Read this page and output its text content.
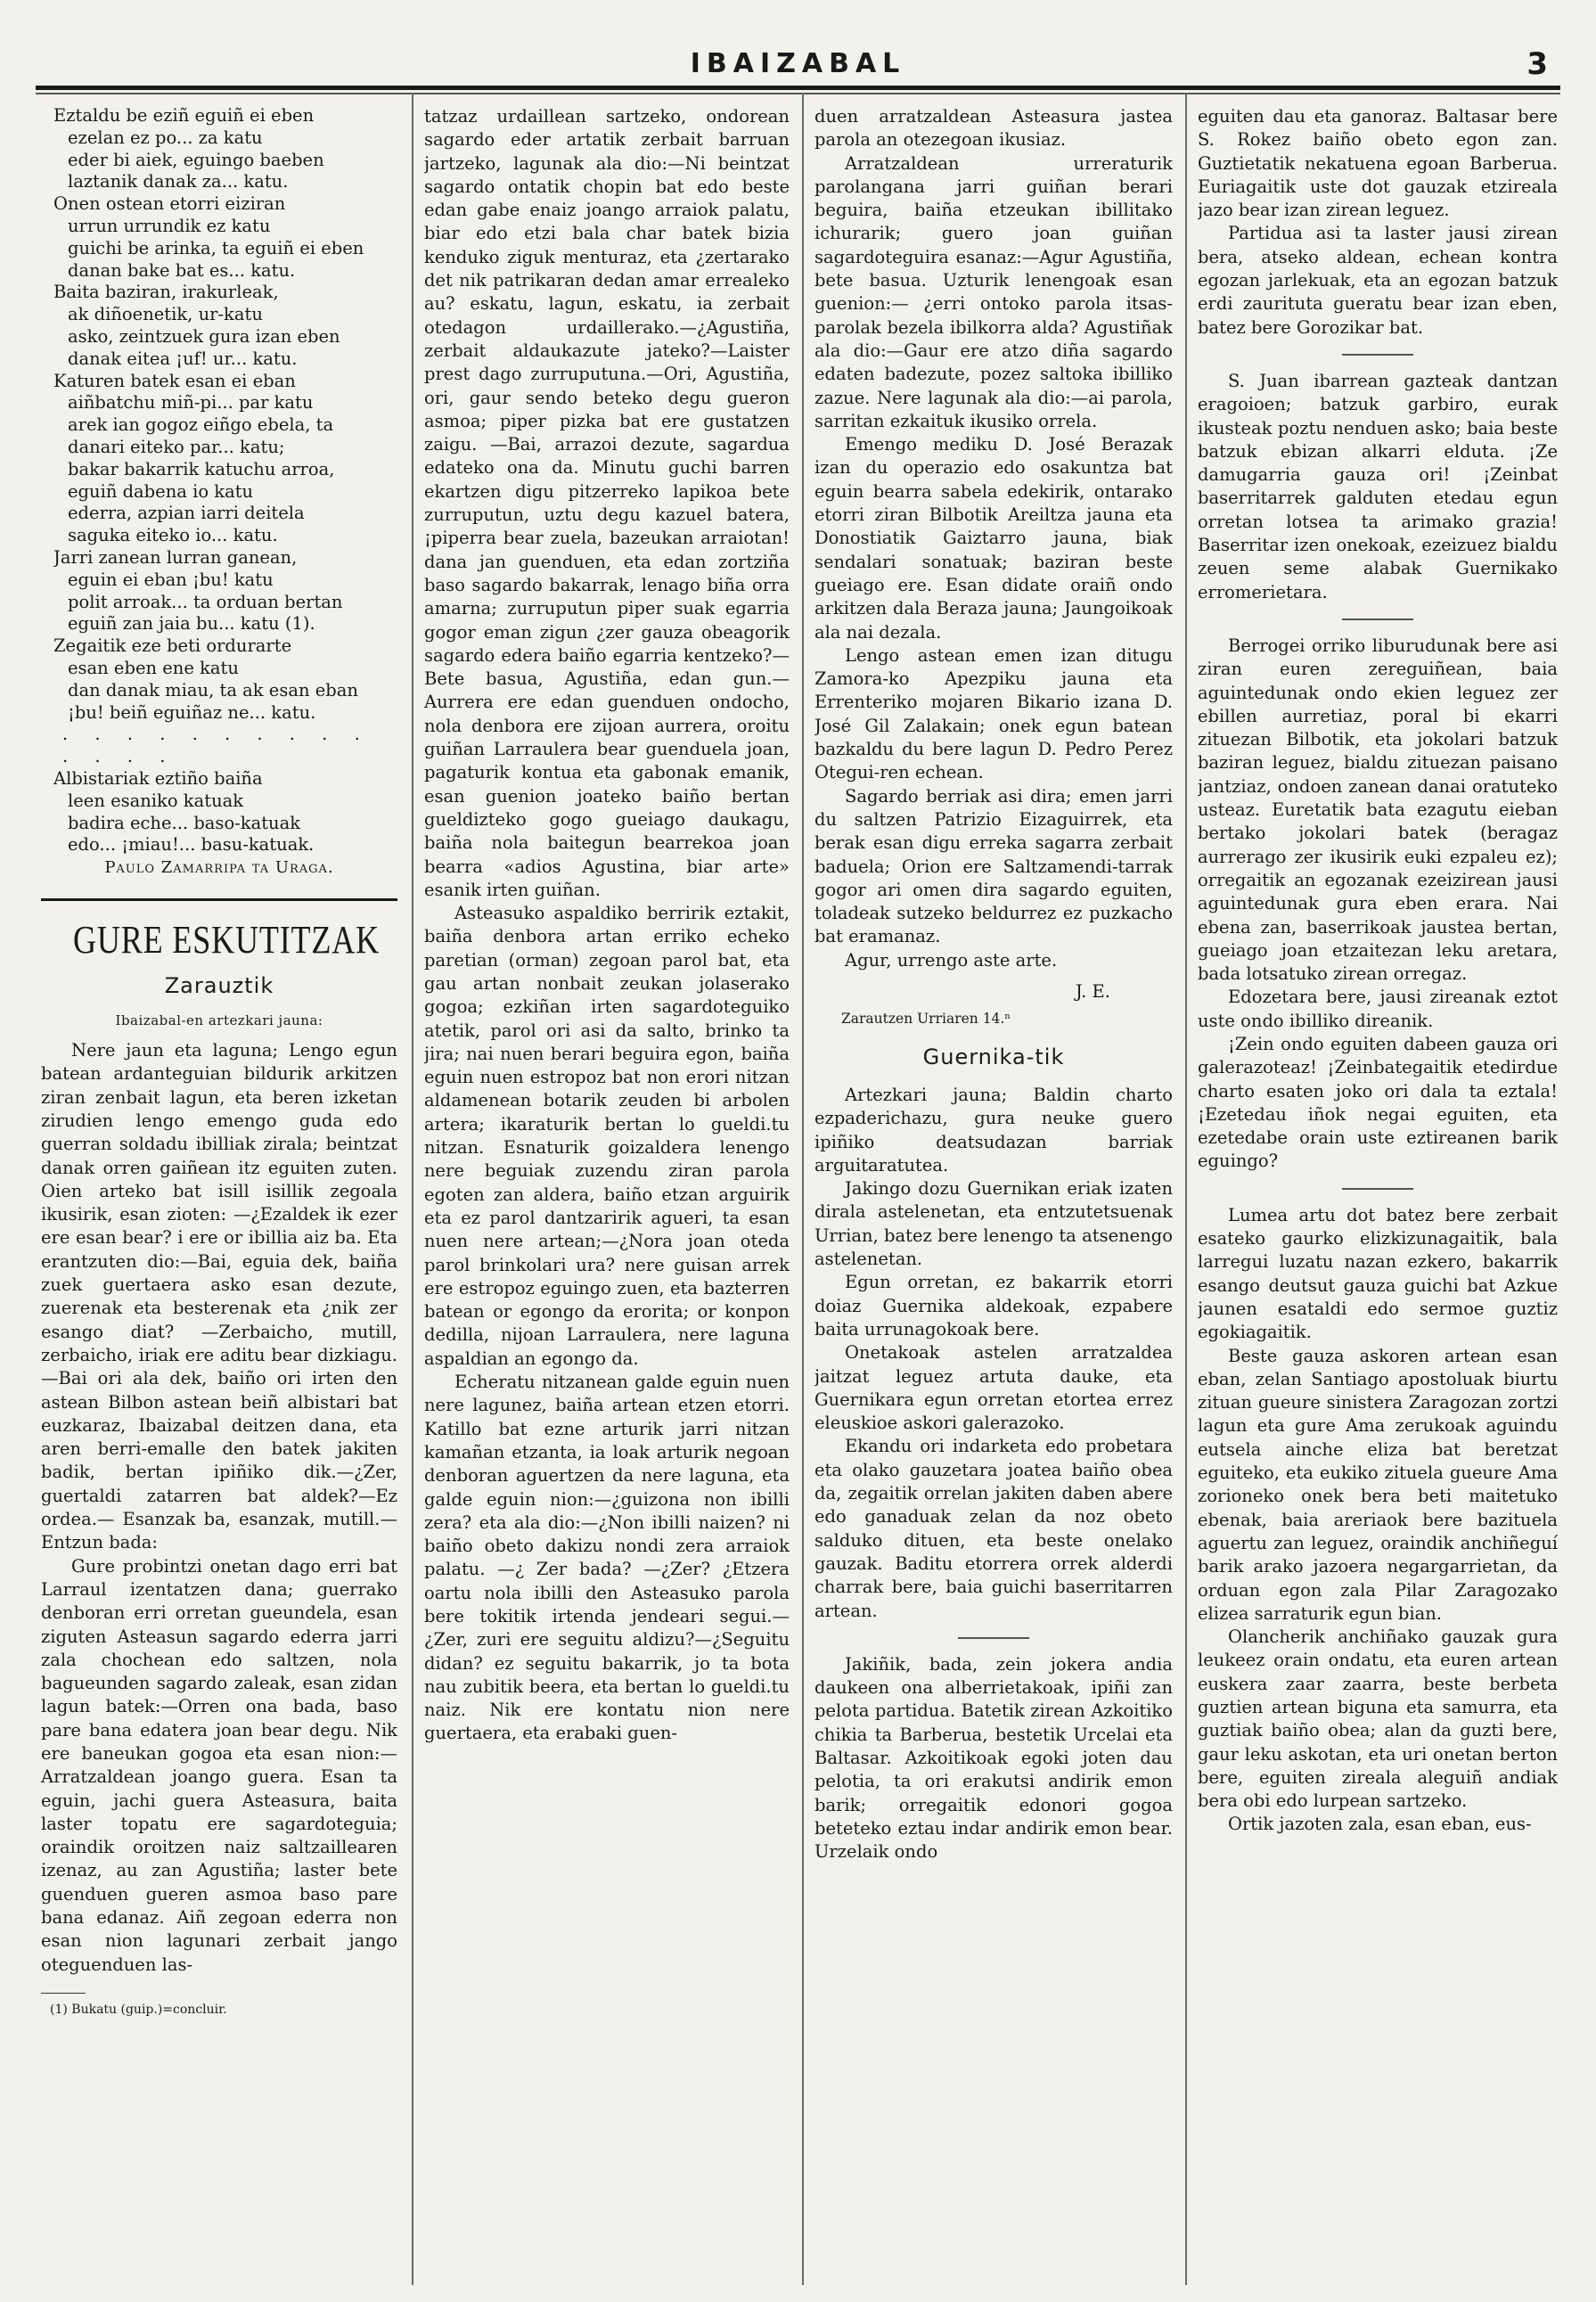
IBAIZABAL	3
Eztaldu be eziñ eguiñ ei eben
ezelan ez po... za katu
eder bi aiek, eguingo baeben
laztanik danak za... katu.
Onen ostean etorri eiziran
urrun urrundik ez katu
guichi be arinka, ta eguiñ ei eben
danan bake bat es... katu.
Baita baziran, irakurleak,
ak diñoenetik, ur-katu
asko, zeintzuek gura izan eben
danak eitea ¡uf! ur... katu.
Katuren batek esan ei eban
aiñbatchu miñ-pi... par katu
arek ian gogoz eiñgo ebela, ta
danari eiteko par... katu;
bakar bakarrik katuchu arroa,
eguiñ dabena io katu
ederra, azpian iarri deitela
saguka eiteko io... katu.
Jarri zanean lurran ganean,
eguin ei eban ¡bu! katu
polit arroak... ta orduan bertan
eguiñ zan jaia bu... katu (1).
Zegaitik eze beti ordurarte
esan eben ene katu
dan danak miau, ta ak esan eban
¡bu! beiñ eguiñaz ne... katu.
. . . . . . . . . . . . . .
Albistariak eztiño baiña
leen esaniko katuak
badira eche... baso-katuak
edo... ¡miau!... basu-katuak.
Paulo Zamarripa ta Uraga.
GURE ESKUTITZAK
Zarauztik
Ibaizabal-en artezkari jauna:

Nere jaun eta laguna; Lengo egun batean ardanteguian bildurik arkitzen ziran zenbait lagun, eta beren izketan zirudien lengo emengo guda edo guerran soldadu ibilliak zirala; beintzat danak orren gaiñean itz eguiten zuten. Oien arteko bat isill isillik zegoala ikusirik, esan zioten: —¿Ezaldek ik ezer ere esan bear? i ere or ibillia aiz ba. Eta erantzuten dio:—Bai, eguia dek, baiña zuek guertaera asko esan dezute, zuerenak eta besterenak eta ¿nik zer esango diat? —Zerbaicho, mutill, zerbaicho, iriak ere aditu bear dizkiagu.—Bai ori ala dek, baiño ori irten den astean Bilbon astean beiñ albistari bat euzkaraz, Ibaizabal deitzen dana, eta aren berri-emalle den batek jakiten badik, bertan ipiñiko dik.—¿Zer, guertaldi zatarren bat aldek?—Ez ordea.— Esanzak ba, esanzak, mutill.—Entzun bada:

Gure probintzi onetan dago erri bat Larraul izentatzen dana; guerrako denboran erri orretan gueundela, esan ziguten Asteasun sagardo ederra jarri zala chochean edo saltzen, nola bagueunden sagardo zaleak, esan zidan lagun batek:—Orren ona bada, baso pare bana edatera joan bear degu. Nik ere baneukan gogoa eta esan nion:—Arratzaldean joango guera. Esan ta eguin, jachi guera Asteasura, baita laster topatu ere sagardoteguia; oraindik oroitzen naiz saltzaillearen izenaz, au zan Agustiña; laster bete guenduen gueren asmoa baso pare bana edanaz. Aiñ zegoan ederra non esan nion lagunari zerbait jango oteguenduen las-

(1) Bukatu (guip.)=concluir.

tatzaz urdaillean sartzeko, ondorean sagardo eder artatik zerbait barruan jartzeko, lagunak ala dio:—Ni beintzat sagardo ontatik chopin bat edo beste edan gabe enaiz joango arraiok palatu, biar edo etzi bala char batek bizia kenduko ziguk menturaz, eta ¿zertarako det nik patrikaran dedan amar errealeko au? eskatu, lagun, eskatu, ia zerbait otedagon urdaillerako.—¿Agustiña, zerbait aldaukazute jateko?—Laister prest dago zurruputuna.—Ori, Agustiña, ori, gaur sendo beteko degu gueron asmoa; piper pizka bat ere gustatzen zaigu. —Bai, arrazoi dezute, sagardua edateko ona da. Minutu guchi barren ekartzen digu pitzerreko lapikoa bete zurruputun, uztu degu kazuel batera, ¡piperra bear zuela, bazeukan arraiotan! dana jan guenduen, eta edan zortziña baso sagardo bakarrak, lenago biña orra amarna; zurruputun piper suak egarria gogor eman zigun ¿zer gauza obeagorik sagardo edera baiño egarria kentzeko?—Bete basua, Agustiña, edan gun.—Aurrera ere edan guenduen ondocho, nola denbora ere zijoan aurrera, oroitu guiñan Larraulera bear guenduela joan, pagaturik kontua eta gabonak emanik, esan guenion joateko baiño bertan gueldizteko gogo gueiago daukagu, baiña nola baitegun bearrekoa joan bearra «adios Agustina, biar arte» esanik irten guiñan.

Asteasuko aspaldiko berririk eztakit, baiña denbora artan erriko echeko paretian (orman) zegoan parol bat, eta gau artan nonbait zeukan jolaserako gogoa; ezkiñan irten sagardoteguiko atetik, parol ori asi da salto, brinko ta jira; nai nuen berari beguira egon, baiña eguin nuen estropoz bat non erori nitzan aldamenean botarik zeuden bi arbolen artera; ikaraturik bertan lo gueldi.tu nitzan. Esnaturik goizaldera lenengo nere beguiak zuzendu ziran parola egoten zan aldera, baiño etzan arguirik eta ez parol dantzaririk agueri, ta esan nuen nere artean;—¿Nora joan oteda parol brinkolari ura? nere guisan arrek ere estropoz eguingo zuen, eta bazterren batean or egongo da erorita; or konpon dedilla, nijoan Larraulera, nere laguna aspaldian an egongo da.

Echeratu nitzanean galde eguin nuen nere lagunez, baiña artean etzen etorri. Katillo bat ezne arturik jarri nitzan kamañan etzanta, ia loak arturik negoan denboran aguertzen da nere laguna, eta galde eguin nion:—¿guizona non ibilli zera? eta ala dio:—¿Non ibilli naizen? ni baiño obeto dakizu nondi zera arraiok palatu. —¿ Zer bada? —¿Zer? ¿Etzera oartu nola ibilli den Asteasuko parola bere tokitik irtenda jendeari segui.— ¿Zer, zuri ere seguitu aldizu?—¿Seguitu didan? ez seguitu bakarrik, jo ta bota nau zubitik beera, eta bertan lo gueldi.tu naiz. Nik ere kontatu nion nere guertaera, eta erabaki guen-

duen arratzaldean Asteasura jastea parola an otezegoan ikusiaz.

Arratzaldean urreraturik parolangana jarri guiñan berari beguira, baiña etzeukan ibillitako ichurarik; guero joan guiñan sagardoteguira esanaz:—Agur Agustiña, bete basua. Uzturik lenengoak esan guenion:— ¿erri ontoko parola itsas-parolak bezela ibilkorra alda? Agustiñak ala dio:—Gaur ere atzo diña sagardo edaten badezute, pozez saltoka ibilliko zazue. Nere lagunak ala dio:—ai parola, sarritan ezkaituk ikusiko orrela.

Emengo mediku D. José Berazak izan du operazio edo osakuntza bat eguin bearra sabela edekirik, ontarako etorri ziran Bilbotik Areiltza jauna eta Donostiatik Gaiztarro jauna, biak sendalari sonatuak; baziran beste gueiago ere. Esan didate oraiñ ondo arkitzen dala Beraza jauna; Jaungoikoak ala nai dezala.

Lengo astean emen izan ditugu Zamora-ko Apezpiku jauna eta Errenteriko mojaren Bikario izana D. José Gil Zalakain; onek egun batean bazkaldu du bere lagun D. Pedro Perez Otegui-ren echean.

Sagardo berriak asi dira; emen jarri du saltzen Patrizio Eizaguirrek, eta berak esan digu erreka sagarra zerbait baduela; Orion ere Saltzamendi-tarrak gogor ari omen dira sagardo eguiten, toladeak sutzeko beldurrez ez puzkacho bat eramanaz.

Agur, urrengo aste arte.

J. E.
Zarautzen Urriaren 14.ⁿ
Guernika-tik

Artezkari jauna; Baldin charto ezpaderichazu, gura neuke guero ipiñiko deatsudazan barriak arguitaratutea.

Jakingo dozu Guernikan eriak izaten dirala astelenetan, eta entzutetsuenak Urrian, batez bere lenengo ta atsenengo astelenetan.

Egun orretan, ez bakarrik etorri doiaz Guernika aldekoak, ezpabere baita urrunagokoak bere.

Onetakoak astelen arratzaldea jaitzat leguez artuta dauke, eta Guernikara egun orretan etortea errez eleuskioe askori galerazoko.

Ekandu ori indarketa edo probetara eta olako gauzetara joatea baiño obea da, zegaitik orrelan jakiten daben abere edo ganaduak zelan da noz obeto salduko dituen, eta beste onelako gauzak. Baditu etorrera orrek alderdi charrak bere, baia guichi baserritarren artean.

Jakiñik, bada, zein jokera andia daukeen ona alberrietakoak, ipiñi zan pelota partidua. Batetik zirean Azkoitiko chikia ta Barberua, bestetik Urcelai eta Baltasar. Azkoitikoak egoki joten dau pelotia, ta ori erakutsi andirik emon barik; orregaitik edonori gogoa beteteko eztau indar andirik emon bear. Urzelaik ondo

eguiten dau eta ganoraz. Baltasar bere S. Rokez baiño obeto egon zan. Guztietatik nekatuena egoan Barberua. Euriagaitik uste dot gauzak etzireala jazo bear izan zirean leguez.

Partidua asi ta laster jausi zirean bera, atseko aldean, echean kontra egozan jarlekuak, eta an egozan batzuk erdi zaurituta gueratu bear izan eben, batez bere Gorozikar bat.

S. Juan ibarrean gazteak dantzan eragoioen; batzuk garbiro, eurak ikusteak poztu nenduen asko; baia beste batzuk ebizan alkarri elduta. ¡Ze damugarria gauza ori! ¡Zeinbat baserritarrek galduten etedau egun orretan lotsea ta arimako grazia! Baserritar izen onekoak, ezeizuez bialdu zeuen seme alabak Guernikako erromerietara.

Berrogei orriko liburudunak bere asi ziran euren zereguiñean, baia aguintedunak ondo ekien leguez zer ebillen aurretiaz, poral bi ekarri zituezan Bilbotik, eta jokolari batzuk baziran leguez, bialdu zituezan paisano jantziaz, ondoen zanean danai oratuteko usteaz. Euretatik bata ezagutu eieban bertako jokolari batek (beragaz aurrerago zer ikusirik euki ezpaleu ez); orregaitik an egozanak ezeizirean jausi aguintedunak gura eben erara. Nai ebena zan, baserrikoak jaustea bertan, gueiago joan etzaitezan leku aretara, bada lotsatuko zirean orregaz.

Edozetara bere, jausi zireanak eztot uste ondo ibilliko direanik.

¡Zein ondo eguiten dabeen gauza ori galerazoteaz! ¡Zeinbategaitik etedirdue charto esaten joko ori dala ta eztala! ¡Ezetedau iñok negai eguiten, eta ezetedabe orain uste eztireanen barik eguingo?

Lumea artu dot batez bere zerbait esateko gaurko elizkizunagaitik, bala larregui luzatu nazan ezkero, bakarrik esango deutsut gauza guichi bat Azkue jaunen esataldi edo sermoe guztiz egokiagaitik.

Beste gauza askoren artean esan eban, zelan Santiago apostoluak biurtu zituan gueure sinistera Zaragozan zortzi lagun eta gure Ama zerukoak aguindu eutsela ainche eliza bat beretzat eguiteko, eta eukiko zituela gueure Ama zorioneko onek bera beti maitetuko ebenak, baia areriaok bere bazituela aguertu zan leguez, oraindik anchiñeguí barik arako jazoera negargarrietan, da orduan egon zala Pilar Zaragozako elizea sarraturik egun bian.

Olancherik anchiñako gauzak gura leukeez orain ondatu, eta euren artean euskera zaar zaarra, beste berbeta guztien artean biguna eta samurra, eta guztiak baiño obea; alan da guzti bere, gaur leku askotan, eta uri onetan berton bere, eguiten zireala aleguiñ andiak bera obi edo lurpean sartzeko.

Ortik jazoten zala, esan eban, eus-
